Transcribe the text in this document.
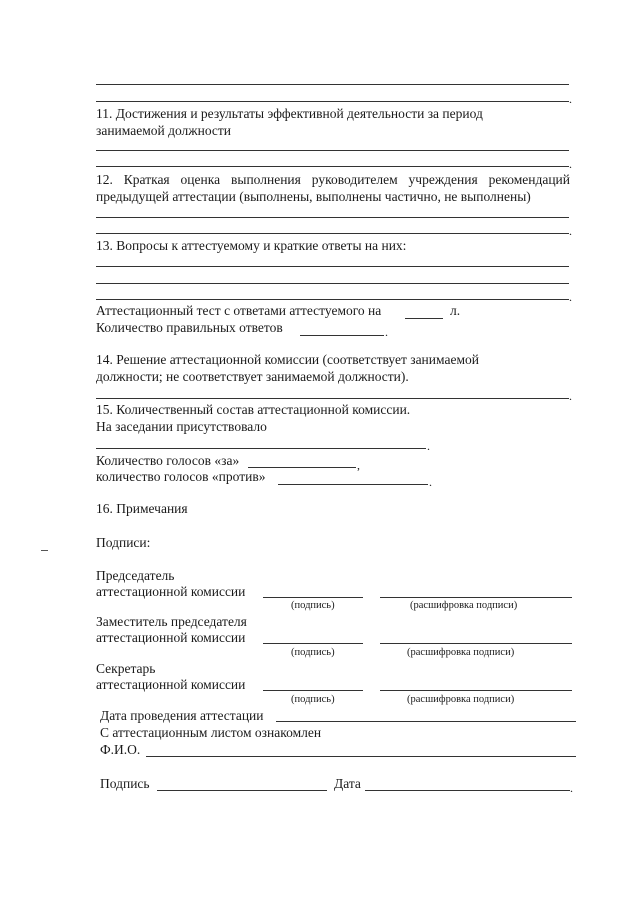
.
11. Достижения и результаты эффективной деятельности за период
занимаемой должности
.
12. Краткая оценка выполнения руководителем учреждения рекомендаций
предыдущей аттестации (выполнены, выполнены частично, не выполнены)
.
13. Вопросы к аттестуемому и краткие ответы на них:
.
Аттестационный тест с ответами аттестуемого на	л.
Количество правильных ответов	.
14. Решение аттестационной комиссии (соответствует занимаемой
должности; не соответствует занимаемой должности).
.
15. Количественный состав аттестационной комиссии.
На заседании присутствовало
.
Количество голосов «за»	,
количество голосов «против»	.
16. Примечания
Подписи:
Председатель
аттестационной комиссии
(подпись)	(расшифровка подписи)
Заместитель председателя
аттестационной комиссии
(подпись)	(расшифровка подписи)
Секретарь
аттестационной комиссии
(подпись)	(расшифровка подписи)
Дата проведения аттестации
С аттестационным листом ознакомлен
Ф.И.О.
Подпись	Дата	.
